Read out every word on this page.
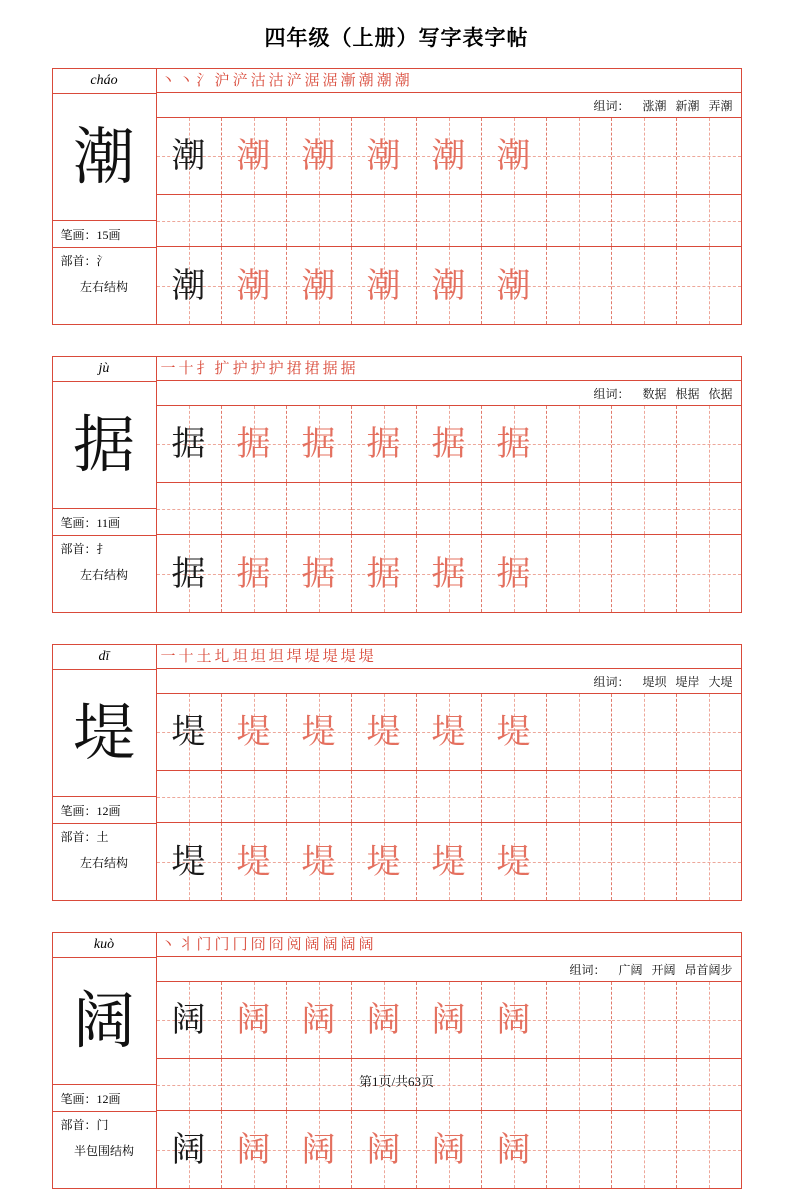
四年级（上册）写字表字帖
cháo
潮
笔画：15画
部首：氵
左右结构
丶 丶 氵 沪 浐 沽 沽 浐 涺 涺 漸 潮 潮 潮
组词： 涨潮 新潮 弄潮
潮 潮 潮 潮 潮 潮
潮 潮 潮 潮 潮 潮
jù
据
笔画：11画
部首：扌
左右结构
一 十 扌 扩 护 护 护 捃 捃 据 据
组词： 数据 根据 依据
据 据 据 据 据 据
据 据 据 据 据 据
dī
堤
笔画：12画
部首：土
左右结构
一 十 土 圠 坦 坦 坦 垾 堤 堤 堤 堤
组词： 堤坝 堤岸 大堤
堤 堤 堤 堤 堤 堤
堤 堤 堤 堤 堤 堤
kuò
阔
笔画：12画
部首：门
半包围结构
丶 丬 门 门 冂 冏 冏 阅 阔 阔 阔 阔
组词： 广阔 开阔 昂首阔步
阔 阔 阔 阔 阔 阔
阔 阔 阔 阔 阔 阔
第1页/共63页
